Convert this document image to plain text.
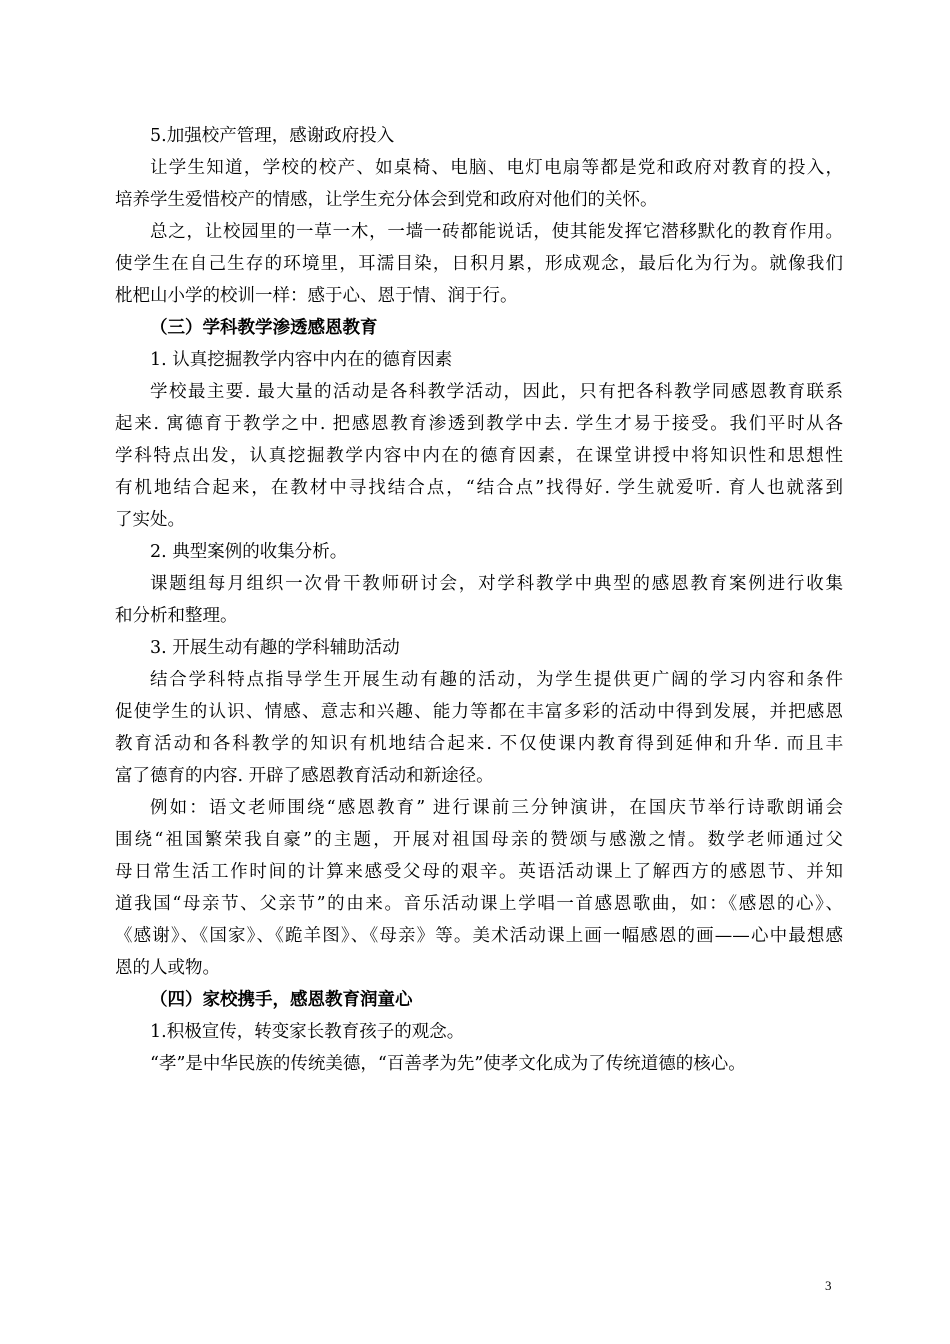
5.加强校产管理，感谢政府投入
让学生知道，学校的校产、如桌椅、电脑、电灯电扇等都是党和政府对教育的投入，
培养学生爱惜校产的情感，让学生充分体会到党和政府对他们的关怀。
总之，让校园里的一草一木，一墙一砖都能说话，使其能发挥它潜移默化的教育作用。
使学生在自己生存的环境里，耳濡目染，日积月累，形成观念，最后化为行为。就像我们
枇杷山小学的校训一样：感于心、恩于情、润于行。
（三）学科教学渗透感恩教育
1. 认真挖掘教学内容中内在的德育因素
学校最主要. 最大量的活动是各科教学活动，因此，只有把各科教学同感恩教育联系
起来. 寓德育于教学之中. 把感恩教育渗透到教学中去. 学生才易于接受。我们平时从各
学科特点出发，认真挖掘教学内容中内在的德育因素，在课堂讲授中将知识性和思想性
有机地结合起来，在教材中寻找结合点，“结合点”找得好. 学生就爱听. 育人也就落到
了实处。
2. 典型案例的收集分析。
课题组每月组织一次骨干教师研讨会，对学科教学中典型的感恩教育案例进行收集
和分析和整理。
3. 开展生动有趣的学科辅助活动
结合学科特点指导学生开展生动有趣的活动，为学生提供更广阔的学习内容和条件
促使学生的认识、情感、意志和兴趣、能力等都在丰富多彩的活动中得到发展，并把感恩
教育活动和各科教学的知识有机地结合起来. 不仅使课内教育得到延伸和升华. 而且丰
富了德育的内容. 开辟了感恩教育活动和新途径。
例如：语文老师围绕“感恩教育” 进行课前三分钟演讲，在国庆节举行诗歌朗诵会
围绕“祖国繁荣我自豪”的主题，开展对祖国母亲的赞颂与感激之情。数学老师通过父
母日常生活工作时间的计算来感受父母的艰辛。英语活动课上了解西方的感恩节、并知
道我国“母亲节、父亲节”的由来。音乐活动课上学唱一首感恩歌曲，如：《感恩的心》、
《感谢》、《国家》、《跪羊图》、《母亲》等。美术活动课上画一幅感恩的画——心中最想感
恩的人或物。
（四）家校携手，感恩教育润童心
1.积极宣传，转变家长教育孩子的观念。
“孝”是中华民族的传统美德，“百善孝为先”使孝文化成为了传统道德的核心。
3
